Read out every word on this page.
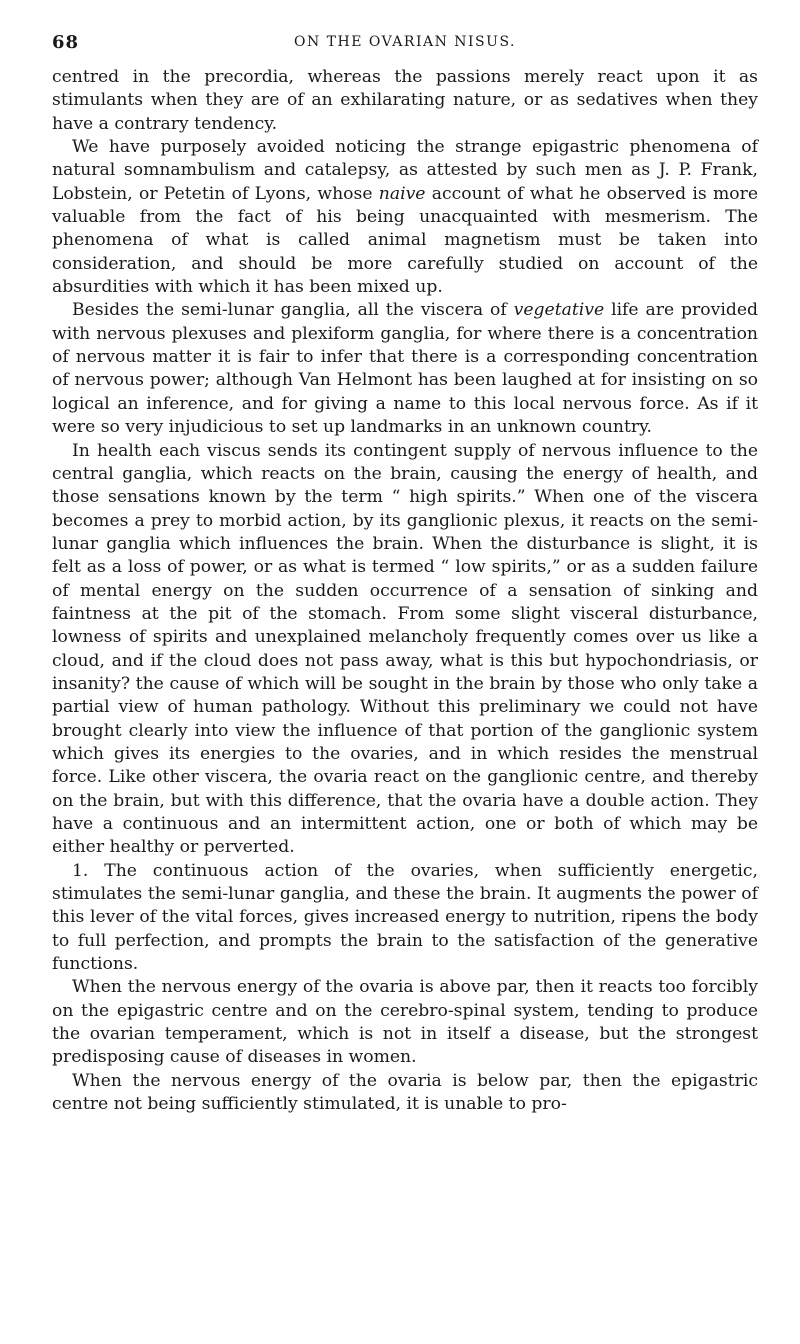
68	ON THE OVARIAN NISUS.

centred in the precordia, whereas the passions merely react upon it as stimulants when they are of an exhilarating nature, or as sedatives when they have a contrary tendency.

We have purposely avoided noticing the strange epigastric phenomena of natural somnambulism and catalepsy, as attested by such men as J. P. Frank, Lobstein, or Petetin of Lyons, whose naive account of what he observed is more valuable from the fact of his being unacquainted with mesmerism. The phenomena of what is called animal magnetism must be taken into consideration, and should be more carefully studied on account of the absurdities with which it has been mixed up.

Besides the semi-lunar ganglia, all the viscera of vegetative life are provided with nervous plexuses and plexiform ganglia, for where there is a concentration of nervous matter it is fair to infer that there is a corresponding concentration of nervous power; although Van Helmont has been laughed at for insisting on so logical an inference, and for giving a name to this local nervous force. As if it were so very injudicious to set up landmarks in an unknown country.

In health each viscus sends its contingent supply of nervous influence to the central ganglia, which reacts on the brain, causing the energy of health, and those sensations known by the term “ high spirits.” When one of the viscera becomes a prey to morbid action, by its ganglionic plexus, it reacts on the semi-lunar ganglia which influences the brain. When the disturbance is slight, it is felt as a loss of power, or as what is termed “ low spirits,” or as a sudden failure of mental energy on the sudden occurrence of a sensation of sinking and faintness at the pit of the stomach. From some slight visceral disturbance, lowness of spirits and unexplained melancholy frequently comes over us like a cloud, and if the cloud does not pass away, what is this but hypochondriasis, or insanity? the cause of which will be sought in the brain by those who only take a partial view of human pathology. Without this preliminary we could not have brought clearly into view the influence of that portion of the ganglionic system which gives its energies to the ovaries, and in which resides the menstrual force. Like other viscera, the ovaria react on the ganglionic centre, and thereby on the brain, but with this difference, that the ovaria have a double action. They have a continuous and an intermittent action, one or both of which may be either healthy or perverted.

1. The continuous action of the ovaries, when sufficiently energetic, stimulates the semi-lunar ganglia, and these the brain. It augments the power of this lever of the vital forces, gives increased energy to nutrition, ripens the body to full perfection, and prompts the brain to the satisfaction of the generative functions.

When the nervous energy of the ovaria is above par, then it reacts too forcibly on the epigastric centre and on the cerebro-spinal system, tending to produce the ovarian temperament, which is not in itself a disease, but the strongest predisposing cause of diseases in women.

When the nervous energy of the ovaria is below par, then the epigastric centre not being sufficiently stimulated, it is unable to pro-
